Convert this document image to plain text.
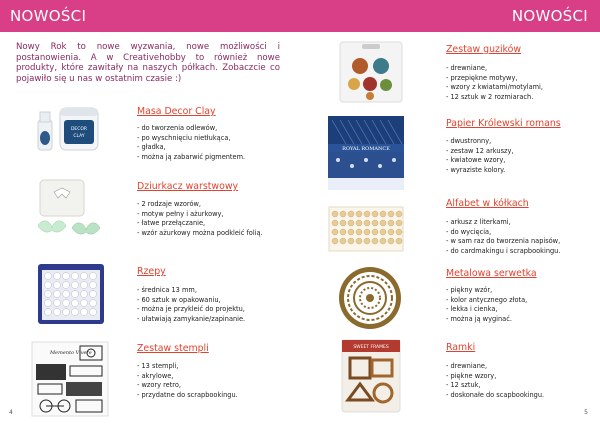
NOWOŚCI
Nowy Rok to nowe wyzwania, nowe możliwości i postanowienia. A w Creativehobby to również nowe produkty, które zawitały na naszych półkach. Zobaczcie co pojawiło się u nas w ostatnim czasie :)
DECOR
CLAY
Masa Decor Clay
- do tworzenia odlewów,
- po wyschnięciu nietłukąca,
- gładka,
- można ją zabarwić pigmentem.
Dziurkacz warstwowy
- 2 rodzaje wzorów,
- motyw pełny i ażurkowy,
- łatwe przełączanie,
- wzór ażurkowy można podkleić folią.
Rzepy
- średnica 13 mm,
- 60 sztuk w opakowaniu,
- można je przykleić do projektu,
- ułatwiają zamykanie/zapinanie.
Memento Vivere	Zestaw stempli
- 13 stempli,
- akrylowe,
- wzory retro,
- przydatne do scrapbookingu.
4
NOWOŚCI
Zestaw guzików
- drewniane,
- przepiękne motywy,
- wzory z kwiatami/motylami,
- 12 sztuk w 2 rozmiarach.
ROYAL ROMANCE
Papier Królewski romans
- dwustronny,
- zestaw 12 arkuszy,
- kwiatowe wzory,
- wyraziste kolory.
Alfabet w kółkach
- arkusz z literkami,
- do wycięcia,
- w sam raz do tworzenia napisów,
- do cardmakingu i scrapbookingu.
Metalowa serwetka
- piękny wzór,
- kolor antycznego złota,
- lekka i cienka,
- można ją wyginać.
SWEET FRAMES	Ramki
- drewniane,
- piękne wzory,
- 12 sztuk,
- doskonałe do scapbookingu.
5
